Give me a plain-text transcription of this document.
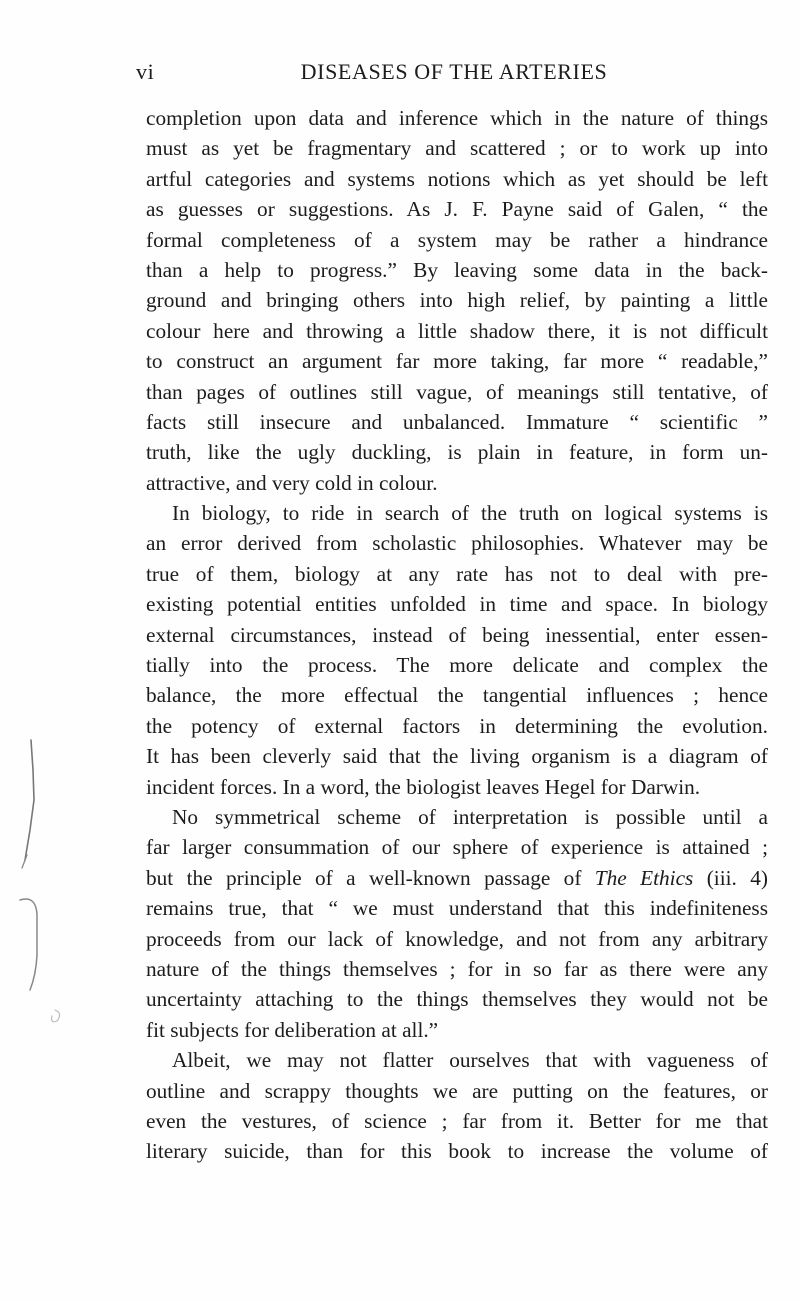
vi	DISEASES OF THE ARTERIES
completion upon data and inference which in the nature of things
must as yet be fragmentary and scattered ; or to work up into
artful categories and systems notions which as yet should be left
as guesses or suggestions. As J. F. Payne said of Galen, “ the
formal completeness of a system may be rather a hindrance
than a help to progress.” By leaving some data in the back-
ground and bringing others into high relief, by painting a little
colour here and throwing a little shadow there, it is not difficult
to construct an argument far more taking, far more “ readable,”
than pages of outlines still vague, of meanings still tentative, of
facts still insecure and unbalanced. Immature “ scientific ”
truth, like the ugly duckling, is plain in feature, in form un-
attractive, and very cold in colour.
In biology, to ride in search of the truth on logical systems is
an error derived from scholastic philosophies. Whatever may be
true of them, biology at any rate has not to deal with pre-
existing potential entities unfolded in time and space. In biology
external circumstances, instead of being inessential, enter essen-
tially into the process. The more delicate and complex the
balance, the more effectual the tangential influences ; hence
the potency of external factors in determining the evolution.
It has been cleverly said that the living organism is a diagram of
incident forces. In a word, the biologist leaves Hegel for Darwin.
No symmetrical scheme of interpretation is possible until a
far larger consummation of our sphere of experience is attained ;
but the principle of a well-known passage of The Ethics (iii. 4)
remains true, that “ we must understand that this indefiniteness
proceeds from our lack of knowledge, and not from any arbitrary
nature of the things themselves ; for in so far as there were any
uncertainty attaching to the things themselves they would not be
fit subjects for deliberation at all.”
Albeit, we may not flatter ourselves that with vagueness of
outline and scrappy thoughts we are putting on the features, or
even the vestures, of science ; far from it. Better for me that
literary suicide, than for this book to increase the volume of
